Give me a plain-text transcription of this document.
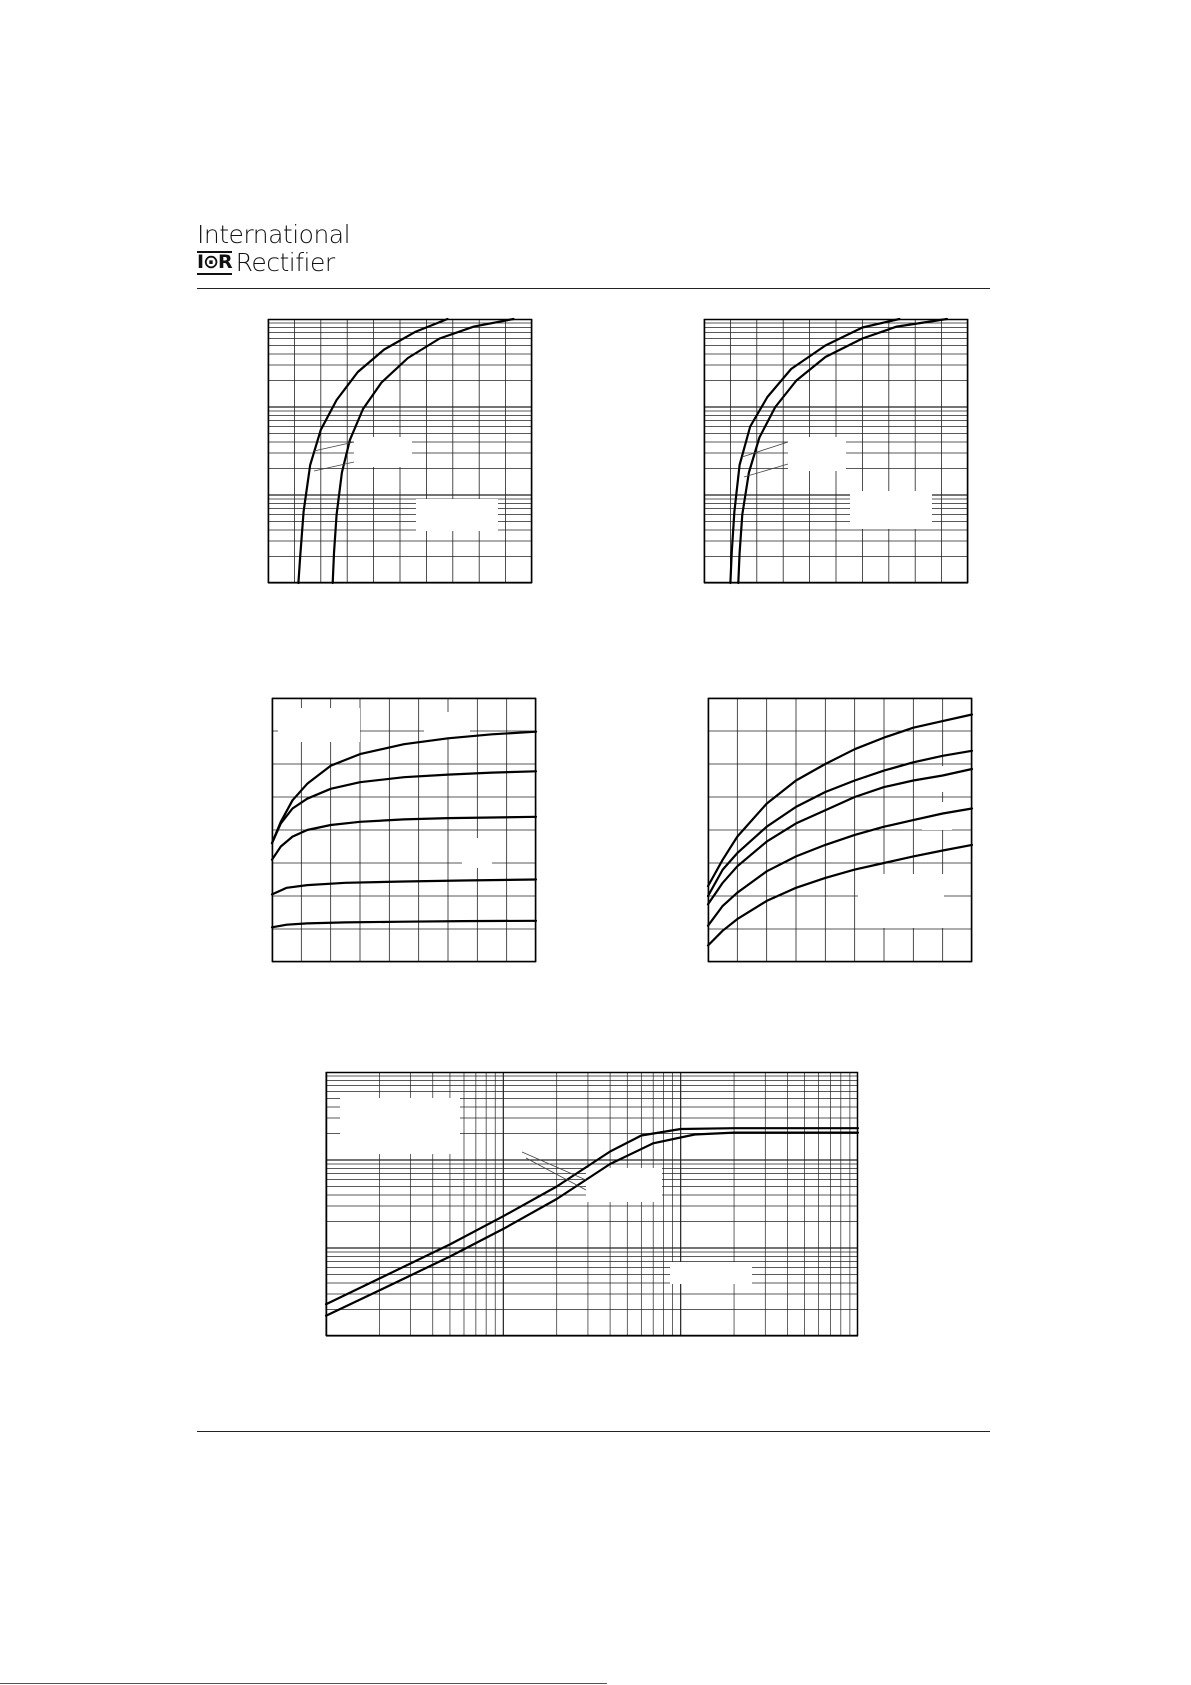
International
I⊙R Rectifier
